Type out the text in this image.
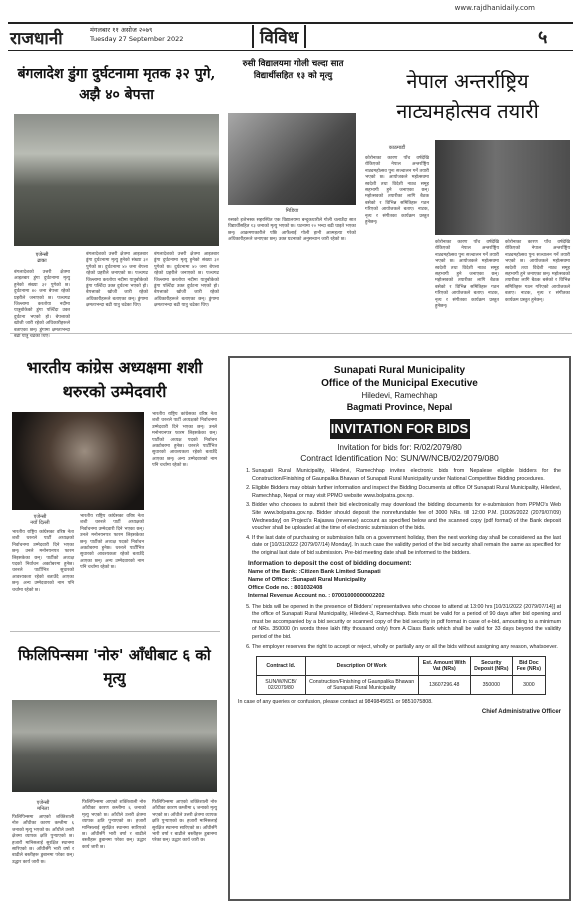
www.rajdhanidaily.com
राजधानी	मंगलबार ११ असोज २०७९
Tuesday 27 September 2022	विविध	५
बंगलादेश डुंगा दुर्घटनामा मृतक ३२ पुगे, अझै ४० बेपत्ता
एजेन्सी
ढाका
बंगलादेशको उत्तरी क्षेत्रमा आइतबार डुंगा दुर्घटनामा मृत्यु हुनेको संख्या ३२ पुगेको छ। दुर्घटनामा ४० जना बेपत्ता रहेको प्रहरीले जनाएको छ। पञ्चगढ जिल्लामा करतोया नदीमा यात्रुबोकेको डुंगा पल्टिँदा उक्त दुर्घटना भएको हो। बेपत्ताको खोजी जारी रहेको अधिकारीहरूले बताएका छन्। डुंगामा क्षमताभन्दा बढी यात्रु चढेका थिए।
बंगलादेशको उत्तरी क्षेत्रमा आइतबार डुंगा दुर्घटनामा मृत्यु हुनेको संख्या ३२ पुगेको छ। दुर्घटनामा ४० जना बेपत्ता रहेको प्रहरीले जनाएको छ। पञ्चगढ जिल्लामा करतोया नदीमा यात्रुबोकेको डुंगा पल्टिँदा उक्त दुर्घटना भएको हो। बेपत्ताको खोजी जारी रहेको अधिकारीहरूले बताएका छन्। डुंगामा क्षमताभन्दा बढी यात्रु चढेका थिए।
बंगलादेशको उत्तरी क्षेत्रमा आइतबार डुंगा दुर्घटनामा मृत्यु हुनेको संख्या ३२ पुगेको छ। दुर्घटनामा ४० जना बेपत्ता रहेको प्रहरीले जनाएको छ। पञ्चगढ जिल्लामा करतोया नदीमा यात्रुबोकेको डुंगा पल्टिँदा उक्त दुर्घटना भएको हो। बेपत्ताको खोजी जारी रहेको अधिकारीहरूले बताएका छन्। डुंगामा क्षमताभन्दा बढी यात्रु चढेका थिए।
रुसी विद्यालयमा गोली चल्दा सात विद्यार्थीसहित १३ को मृत्यु
मिडिया
रुसको इजेभस्क सहरस्थित एक विद्यालयमा बन्दुकधारीले गोली चलाउँदा सात विद्यार्थीसहित १३ जनाको मृत्यु भएको छ। घटनामा २० भन्दा बढी घाइते भएका छन्। आक्रमणकारीले पछि आफैंलाई गोली हानी आत्महत्या गरेको अधिकारीहरूले जनाएका छन्। उक्त घटनाको अनुसन्धान जारी रहेको छ।
नेपाल अन्तर्राष्ट्रिय नाट्यमहोत्सव तयारी
काठमाडौं
कोरोनाका कारण पाँच वर्षदेखि रोकिएको नेपाल अन्तर्राष्ट्रिय नाट्यमहोत्सव पुनः सञ्चालन गर्ने तयारी भएको छ। आयोजकले महोत्सवमा स्वदेशी तथा विदेशी नाट्य समूह सहभागी हुने जनाएका छन्। महोत्सवको तयारीका लागि बैठक बसेको र विभिन्न समितिहरू गठन गरिएको आयोजकले बताए। नाटक, नृत्य र संगीतका कार्यक्रम प्रस्तुत हुनेछन्।
कोरोनाका कारण पाँच वर्षदेखि रोकिएको नेपाल अन्तर्राष्ट्रिय नाट्यमहोत्सव पुनः सञ्चालन गर्ने तयारी भएको छ। आयोजकले महोत्सवमा स्वदेशी तथा विदेशी नाट्य समूह सहभागी हुने जनाएका छन्। महोत्सवको तयारीका लागि बैठक बसेको र विभिन्न समितिहरू गठन गरिएको आयोजकले बताए। नाटक, नृत्य र संगीतका कार्यक्रम प्रस्तुत हुनेछन्।
कोरोनाका कारण पाँच वर्षदेखि रोकिएको नेपाल अन्तर्राष्ट्रिय नाट्यमहोत्सव पुनः सञ्चालन गर्ने तयारी भएको छ। आयोजकले महोत्सवमा स्वदेशी तथा विदेशी नाट्य समूह सहभागी हुने जनाएका छन्। महोत्सवको तयारीका लागि बैठक बसेको र विभिन्न समितिहरू गठन गरिएको आयोजकले बताए। नाटक, नृत्य र संगीतका कार्यक्रम प्रस्तुत हुनेछन्।
भारतीय कांग्रेस अध्यक्षमा शशी थरुरको उम्मेदवारी
एजेन्सी
नयाँ दिल्ली
भारतीय राष्ट्रिय कांग्रेसका वरिष्ठ नेता शशी थरुरले पार्टी अध्यक्षको निर्वाचनमा उम्मेदवारी दिने भएका छन्। उनले मनोनयनपत्र फारम लिइसकेका छन्। पार्टीको अध्यक्ष पदको निर्वाचन अक्टोबरमा हुनेछ। थरुरले पार्टीभित्र सुधारको आवश्यकता रहेको बताउँदै आएका छन्। अन्य उम्मेदवारको नाम पनि चर्चामा रहेको छ।
भारतीय राष्ट्रिय कांग्रेसका वरिष्ठ नेता शशी थरुरले पार्टी अध्यक्षको निर्वाचनमा उम्मेदवारी दिने भएका छन्। उनले मनोनयनपत्र फारम लिइसकेका छन्। पार्टीको अध्यक्ष पदको निर्वाचन अक्टोबरमा हुनेछ। थरुरले पार्टीभित्र सुधारको आवश्यकता रहेको बताउँदै आएका छन्। अन्य उम्मेदवारको नाम पनि चर्चामा रहेको छ।
भारतीय राष्ट्रिय कांग्रेसका वरिष्ठ नेता शशी थरुरले पार्टी अध्यक्षको निर्वाचनमा उम्मेदवारी दिने भएका छन्। उनले मनोनयनपत्र फारम लिइसकेका छन्। पार्टीको अध्यक्ष पदको निर्वाचन अक्टोबरमा हुनेछ। थरुरले पार्टीभित्र सुधारको आवश्यकता रहेको बताउँदै आएका छन्। अन्य उम्मेदवारको नाम पनि चर्चामा रहेको छ।
फिलिपिन्समा 'नोरु' आँधीबाट ६ को मृत्यु
एजेन्सी
मनिला
फिलिपिन्समा आएको शक्तिशाली नोरु आँधीका कारण कम्तीमा ६ जनाको मृत्यु भएको छ। आँधीले उत्तरी क्षेत्रमा व्यापक क्षति पुर्‍याएको छ। हजारौं मानिसलाई सुरक्षित स्थानमा सारिएको छ। आँधीसँगै भारी वर्षा र बाढीले बस्तीहरू डुबानमा परेका छन्। उद्धार कार्य जारी छ।
फिलिपिन्समा आएको शक्तिशाली नोरु आँधीका कारण कम्तीमा ६ जनाको मृत्यु भएको छ। आँधीले उत्तरी क्षेत्रमा व्यापक क्षति पुर्‍याएको छ। हजारौं मानिसलाई सुरक्षित स्थानमा सारिएको छ। आँधीसँगै भारी वर्षा र बाढीले बस्तीहरू डुबानमा परेका छन्। उद्धार कार्य जारी छ।
फिलिपिन्समा आएको शक्तिशाली नोरु आँधीका कारण कम्तीमा ६ जनाको मृत्यु भएको छ। आँधीले उत्तरी क्षेत्रमा व्यापक क्षति पुर्‍याएको छ। हजारौं मानिसलाई सुरक्षित स्थानमा सारिएको छ। आँधीसँगै भारी वर्षा र बाढीले बस्तीहरू डुबानमा परेका छन्। उद्धार कार्य जारी छ।
Sunapati Rural Municipality
Office of the Municipal Executive
Hiledevi, Ramechhap
Bagmati Province, Nepal
INVITATION FOR BIDS
Invitation for bids for: R/02/2079/80
Contract Identification No: SUN/W/NCB/02/2079/080
1. Sunapati Rural Municipality, Hiledevi, Ramechhap invites electronic bids from Nepalese eligible bidders for the Construction/Finishing of Gaunpalika Bhawan of Sunapati Rural Municipality under National Competitive Bidding procedures.
2. Eligible Bidders may obtain further information and inspect the Bidding Documents at office Of Sunapati Rural Municipality, Hiledevi, Ramechhap, Nepal or may visit PPMO website www.bolpatra.gov.np.
3. Bidder who chooses to submit their bid electronically may download the bidding documents for e-submission from PPMO's Web Site www.bolpatra.gov.np. Bidder should deposit the nonrefundable fee of 3000 NRs. till 12:00 P.M. [10/26/2022 (2079/07/09) Wednesday] on Project's Rajaswa (revenue) account as specified below and the scanned copy (pdf format) of the Bank deposit voucher shall be uploaded at the time of electronic submission of the bids.
4. If the last date of purchasing or submission falls on a government holiday, then the next working day shall be considered as the last date or [10/31/2022 (2079/07/14) Monday]. In such case the validity period of the bid security shall remain the same as specified for the original last date of bid submission. Pre-bid meeting date shall be informed to the bidders.
Information to deposit the cost of bidding document:
Name of the Bank: :Citizen Bank Limited Sunapati
Name of Office: :Sunapati Rural Municipality
Office Code no. : 801032408
Internal Revenue Account no. : 07001000000002202
5. The bids will be opened in the presence of Bidders' representatives who choose to attend at 13:00 hrs [10/31/2022 (2079/07/14)] at the office of Sunapati Rural Municipality, Hiledevi-3, Ramechhap. Bids must be valid for a period of 90 days after bid opening and must be accompanied by a bid security or scanned copy of the bid security in pdf format in case of e-bid, amounting to a minimum of NRs. 350000 (in words three lakh fifty thousand only) from A Class Bank which shall be valid for 33 days beyond the validity period of the bid.
6. The employer reserves the right to accept or reject, wholly or partially any or all the bids without assigning any reason, whatsoever.
Contract Id.	Description Of Work	Est. Amount With Vat (NRs)	Security Deposit (NRs)	Bid Doc Fee (NRs)
SUN/W/NCB/ 02/2079/80	Construction/Finishing of Gaunpalika Bhawan of Sunapati Rural Municipality	13607296.48	350000	3000
In case of any queries or confusion, please contact at 9849845651 or 9851075808.
Chief Administrative Officer
